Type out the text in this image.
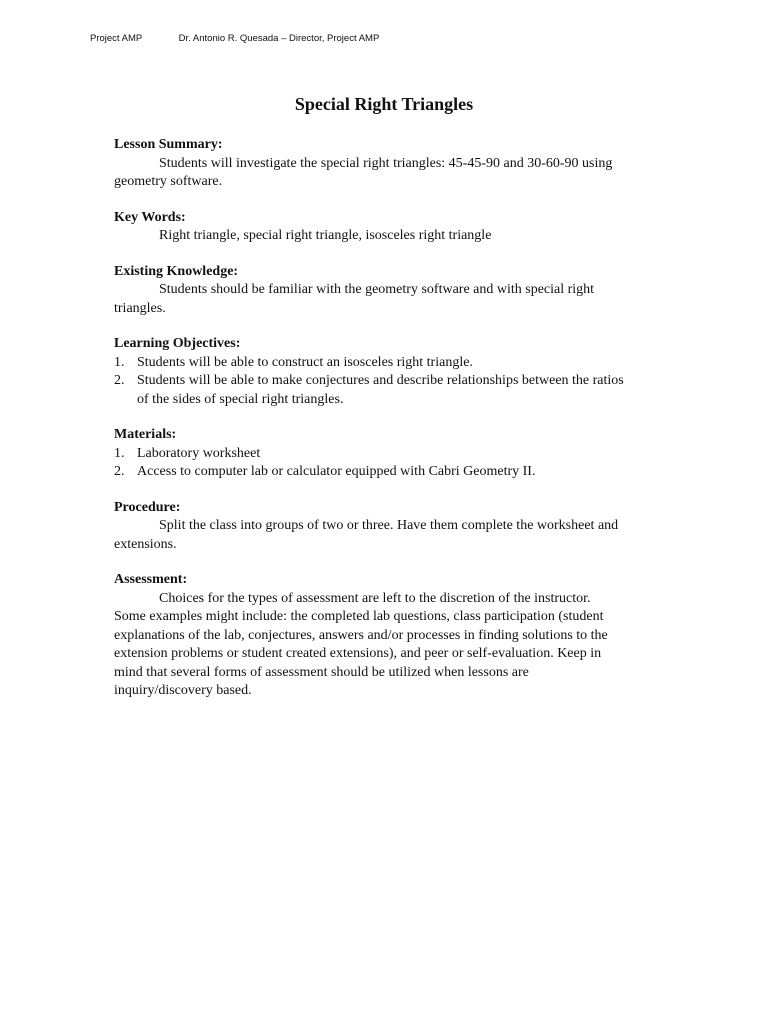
Project AMP	Dr. Antonio R. Quesada – Director, Project AMP
Special Right Triangles
Lesson Summary:

Students will investigate the special right triangles: 45-45-90 and 30-60-90 using geometry software.

Key Words:

Right triangle, special right triangle, isosceles right triangle

Existing Knowledge:

Students should be familiar with the geometry software and with special right triangles.

Learning Objectives:
1. Students will be able to construct an isosceles right triangle.
2. Students will be able to make conjectures and describe relationships between the ratios of the sides of special right triangles.
Materials:
1. Laboratory worksheet
2. Access to computer lab or calculator equipped with Cabri Geometry II.
Procedure:

Split the class into groups of two or three. Have them complete the worksheet and extensions.

Assessment:

Choices for the types of assessment are left to the discretion of the instructor. Some examples might include: the completed lab questions, class participation (student explanations of the lab, conjectures, answers and/or processes in finding solutions to the extension problems or student created extensions), and peer or self-evaluation. Keep in mind that several forms of assessment should be utilized when lessons are inquiry/discovery based.
